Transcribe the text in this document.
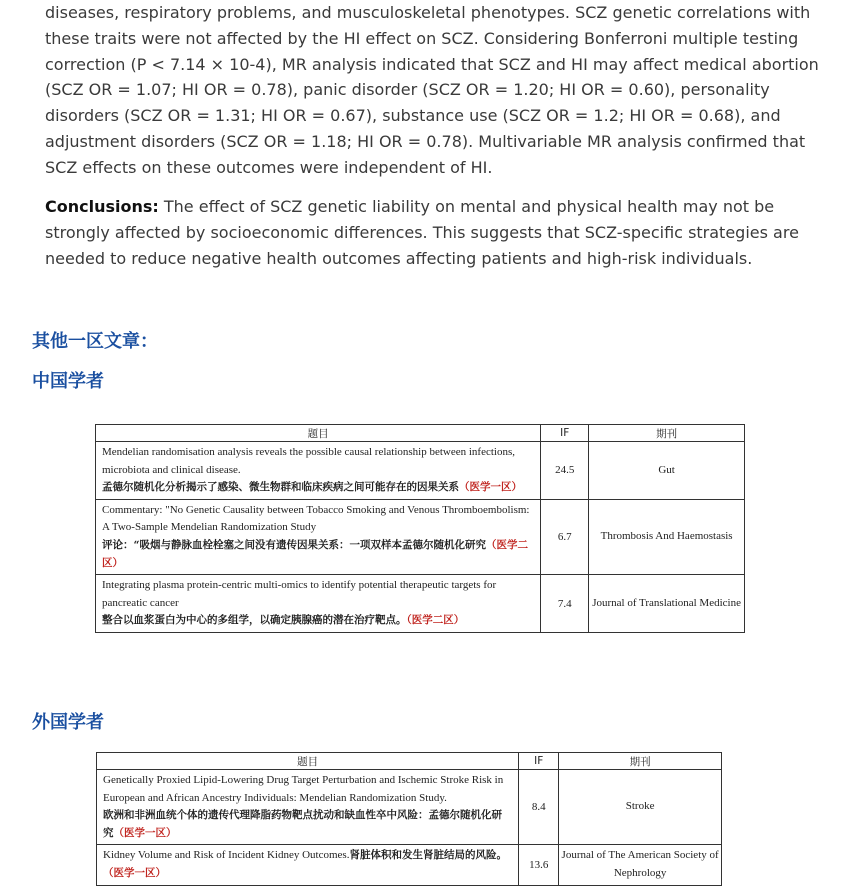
diseases, respiratory problems, and musculoskeletal phenotypes. SCZ genetic correlations with these traits were not affected by the HI effect on SCZ. Considering Bonferroni multiple testing correction (P < 7.14 × 10-4), MR analysis indicated that SCZ and HI may affect medical abortion (SCZ OR = 1.07; HI OR = 0.78), panic disorder (SCZ OR = 1.20; HI OR = 0.60), personality disorders (SCZ OR = 1.31; HI OR = 0.67), substance use (SCZ OR = 1.2; HI OR = 0.68), and adjustment disorders (SCZ OR = 1.18; HI OR = 0.78). Multivariable MR analysis confirmed that SCZ effects on these outcomes were independent of HI.

Conclusions: The effect of SCZ genetic liability on mental and physical health may not be strongly affected by socioeconomic differences. This suggests that SCZ-specific strategies are needed to reduce negative health outcomes affecting patients and high-risk individuals.

其他一区文章：
中国学者
题目	IF	期刊
Mendelian randomisation analysis reveals the possible causal relationship between infections, microbiota and clinical disease.
孟德尔随机化分析揭示了感染、微生物群和临床疾病之间可能存在的因果关系（医学一区）	24.5	Gut
Commentary: "No Genetic Causality between Tobacco Smoking and Venous Thromboembolism: A Two-Sample Mendelian Randomization Study
评论：“吸烟与静脉血栓栓塞之间没有遗传因果关系：一项双样本孟德尔随机化研究（医学二区）	6.7	Thrombosis And Haemostasis
Integrating plasma protein-centric multi-omics to identify potential therapeutic targets for pancreatic cancer
整合以血浆蛋白为中心的多组学，以确定胰腺癌的潜在治疗靶点。（医学二区）	7.4	Journal of Translational Medicine
外国学者
题目	IF	期刊
Genetically Proxied Lipid-Lowering Drug Target Perturbation and Ischemic Stroke Risk in European and African Ancestry Individuals: Mendelian Randomization Study.
欧洲和非洲血统个体的遗传代理降脂药物靶点扰动和缺血性卒中风险：孟德尔随机化研究（医学一区）	8.4	Stroke
Kidney Volume and Risk of Incident Kidney Outcomes.肾脏体积和发生肾脏结局的风险。（医学一区）	13.6	Journal of The American Society of Nephrology
